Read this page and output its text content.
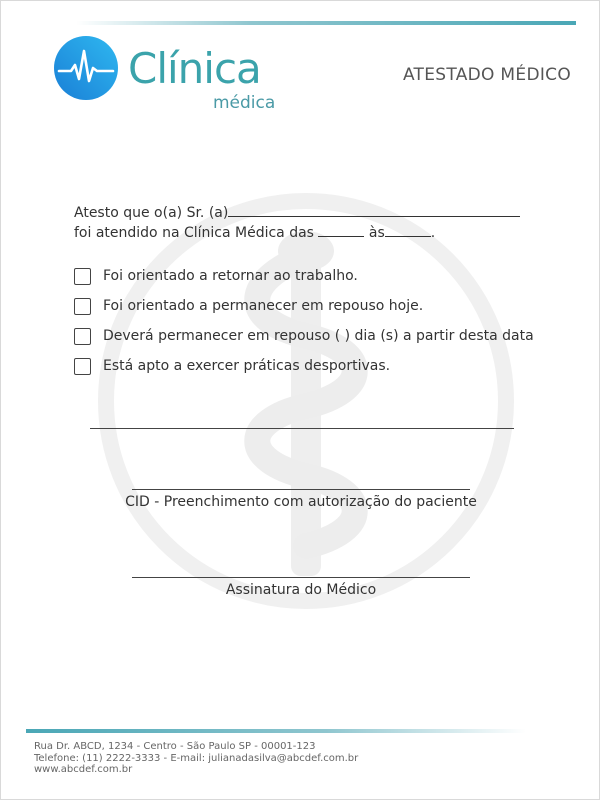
Clínica
médica
ATESTADO MÉDICO
Atesto que o(a) Sr. (a)
foi atendido na Clínica Médica das	às	.
Foi orientado a retornar ao trabalho.
Foi orientado a permanecer em repouso hoje.
Deverá permanecer em repouso ( ) dia (s) a partir desta data
Está apto a exercer práticas desportivas.
CID - Preenchimento com autorização do paciente
Assinatura do Médico
Rua Dr. ABCD, 1234 - Centro - São Paulo SP - 00001-123
Telefone: (11) 2222-3333 - E-mail: julianadasilva@abcdef.com.br
www.abcdef.com.br
